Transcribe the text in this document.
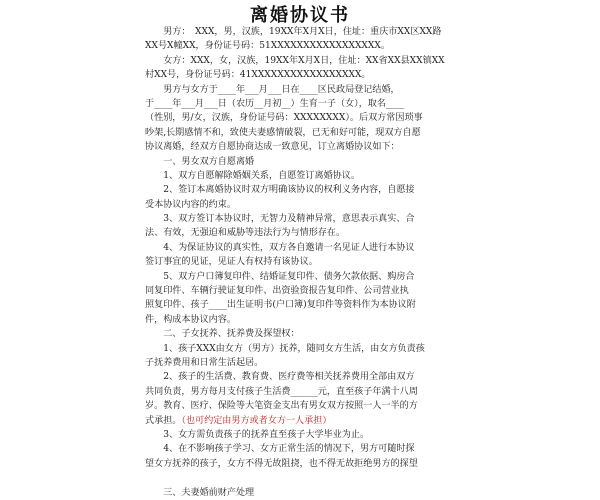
离婚协议书
　　男方：　XXX，男，汉族，19XX年X月X日，住址：重庆市XX区XX路
XX号X幢XX，身份证号码：51XXXXXXXXXXXXXXXXX。
　　女方：XXX，女，汉族，19XX年X月X日，住址：XX省XX县XX镇XX
村XX号，身份证号码：41XXXXXXXXXXXXXXXXX。
　　男方与女方于____年___月___日在____区民政局登记结婚，
于____年___月___日（农历__月初__）生育一子（女），取名____
（性别，男/女，汉族，身份证号码：XXXXXXXX）。后双方常因琐事
吵架,长期感情不和，致使夫妻感情破裂，已无和好可能，现双方自愿
协议离婚，经双方自愿协商达成一致意见，订立离婚协议如下：
　　一、男女双方自愿离婚
　　1、双方自愿解除婚姻关系，自愿签订离婚协议。
　　2、签订本离婚协议时双方明确该协议的权利义务内容，自愿接
受本协议内容的约束。
　　3、双方签订本协议时，无智力及精神异常，意思表示真实、合
法、有效，无强迫和威胁等违法行为与情形存在。
　　4、为保证协议的真实性，双方各自邀请一名见证人进行本协议
签订事宜的见证，见证人有权持有该协议。
　　5、双方户口簿复印件、结婚证复印件、债务欠款依据、购房合
同复印件、车辆行驶证复印件、出资验资报告复印件、公司营业执
照复印件、孩子____出生证明书(户口簿)复印件等资料作为本协议附
件，构成本协议内容。
　　二、子女抚养、抚养费及探望权：
　　1、孩子XXX由女方（男方）抚养，随同女方生活，由女方负责孩
子抚养费用和日常生活起居。
　　2、孩子的生活费、教育费、医疗费等相关抚养费用全部由双方
共同负责，男方每月支付孩子生活费______元，直至孩子年满十八周
岁。教育、医疗、保险等大笔资金支出有男女双方按照一人一半的方
式承担。（也可约定由男方或者女方一人承担）
　　3、女方需负责孩子的抚养直至孩子大学毕业为止。
　　4、在不影响孩子学习、女方正常生活的情况下，男方可随时探
望女方抚养的孩子，女方不得无故阻挠，也不得无故拒绝男方的探望
　　三、夫妻婚前财产处理
